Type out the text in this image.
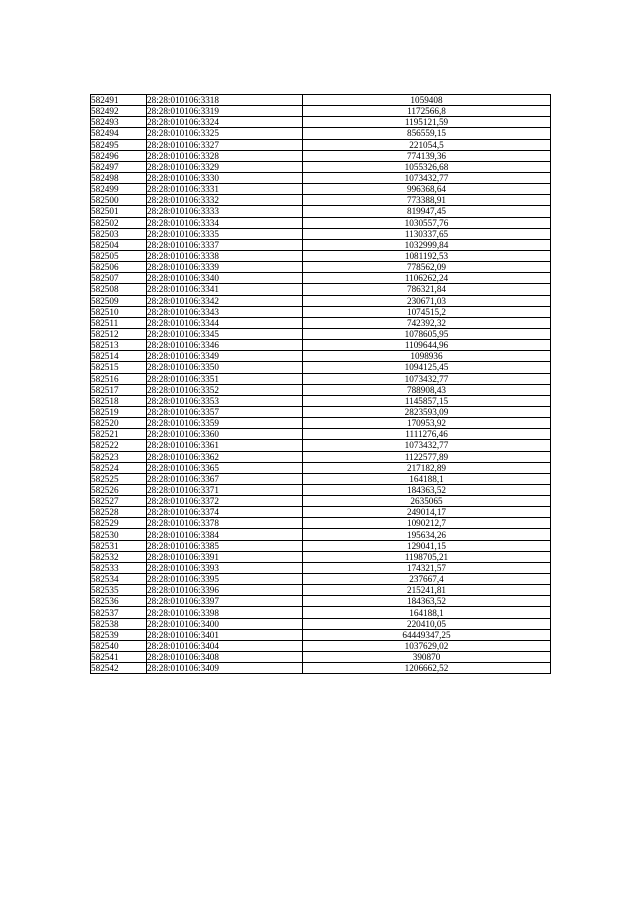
582491	28:28:010106:3318	1059408
582492	28:28:010106:3319	1172566,8
582493	28:28:010106:3324	1195121,59
582494	28:28:010106:3325	856559,15
582495	28:28:010106:3327	221054,5
582496	28:28:010106:3328	774139,36
582497	28:28:010106:3329	1055326,68
582498	28:28:010106:3330	1073432,77
582499	28:28:010106:3331	996368,64
582500	28:28:010106:3332	773388,91
582501	28:28:010106:3333	819947,45
582502	28:28:010106:3334	1030557,76
582503	28:28:010106:3335	1130337,65
582504	28:28:010106:3337	1032999,84
582505	28:28:010106:3338	1081192,53
582506	28:28:010106:3339	778562,09
582507	28:28:010106:3340	1106262,24
582508	28:28:010106:3341	786321,84
582509	28:28:010106:3342	230671,03
582510	28:28:010106:3343	1074515,2
582511	28:28:010106:3344	742392,32
582512	28:28:010106:3345	1078605,95
582513	28:28:010106:3346	1109644,96
582514	28:28:010106:3349	1098936
582515	28:28:010106:3350	1094125,45
582516	28:28:010106:3351	1073432,77
582517	28:28:010106:3352	788908,43
582518	28:28:010106:3353	1145857,15
582519	28:28:010106:3357	2823593,09
582520	28:28:010106:3359	170953,92
582521	28:28:010106:3360	1111276,46
582522	28:28:010106:3361	1073432,77
582523	28:28:010106:3362	1122577,89
582524	28:28:010106:3365	217182,89
582525	28:28:010106:3367	164188,1
582526	28:28:010106:3371	184363,52
582527	28:28:010106:3372	2635065
582528	28:28:010106:3374	249014,17
582529	28:28:010106:3378	1090212,7
582530	28:28:010106:3384	195634,26
582531	28:28:010106:3385	129041,15
582532	28:28:010106:3391	1198705,21
582533	28:28:010106:3393	174321,57
582534	28:28:010106:3395	237667,4
582535	28:28:010106:3396	215241,81
582536	28:28:010106:3397	184363,52
582537	28:28:010106:3398	164188,1
582538	28:28:010106:3400	220410,05
582539	28:28:010106:3401	64449347,25
582540	28:28:010106:3404	1037629,02
582541	28:28:010106:3408	390870
582542	28:28:010106:3409	1206662,52
